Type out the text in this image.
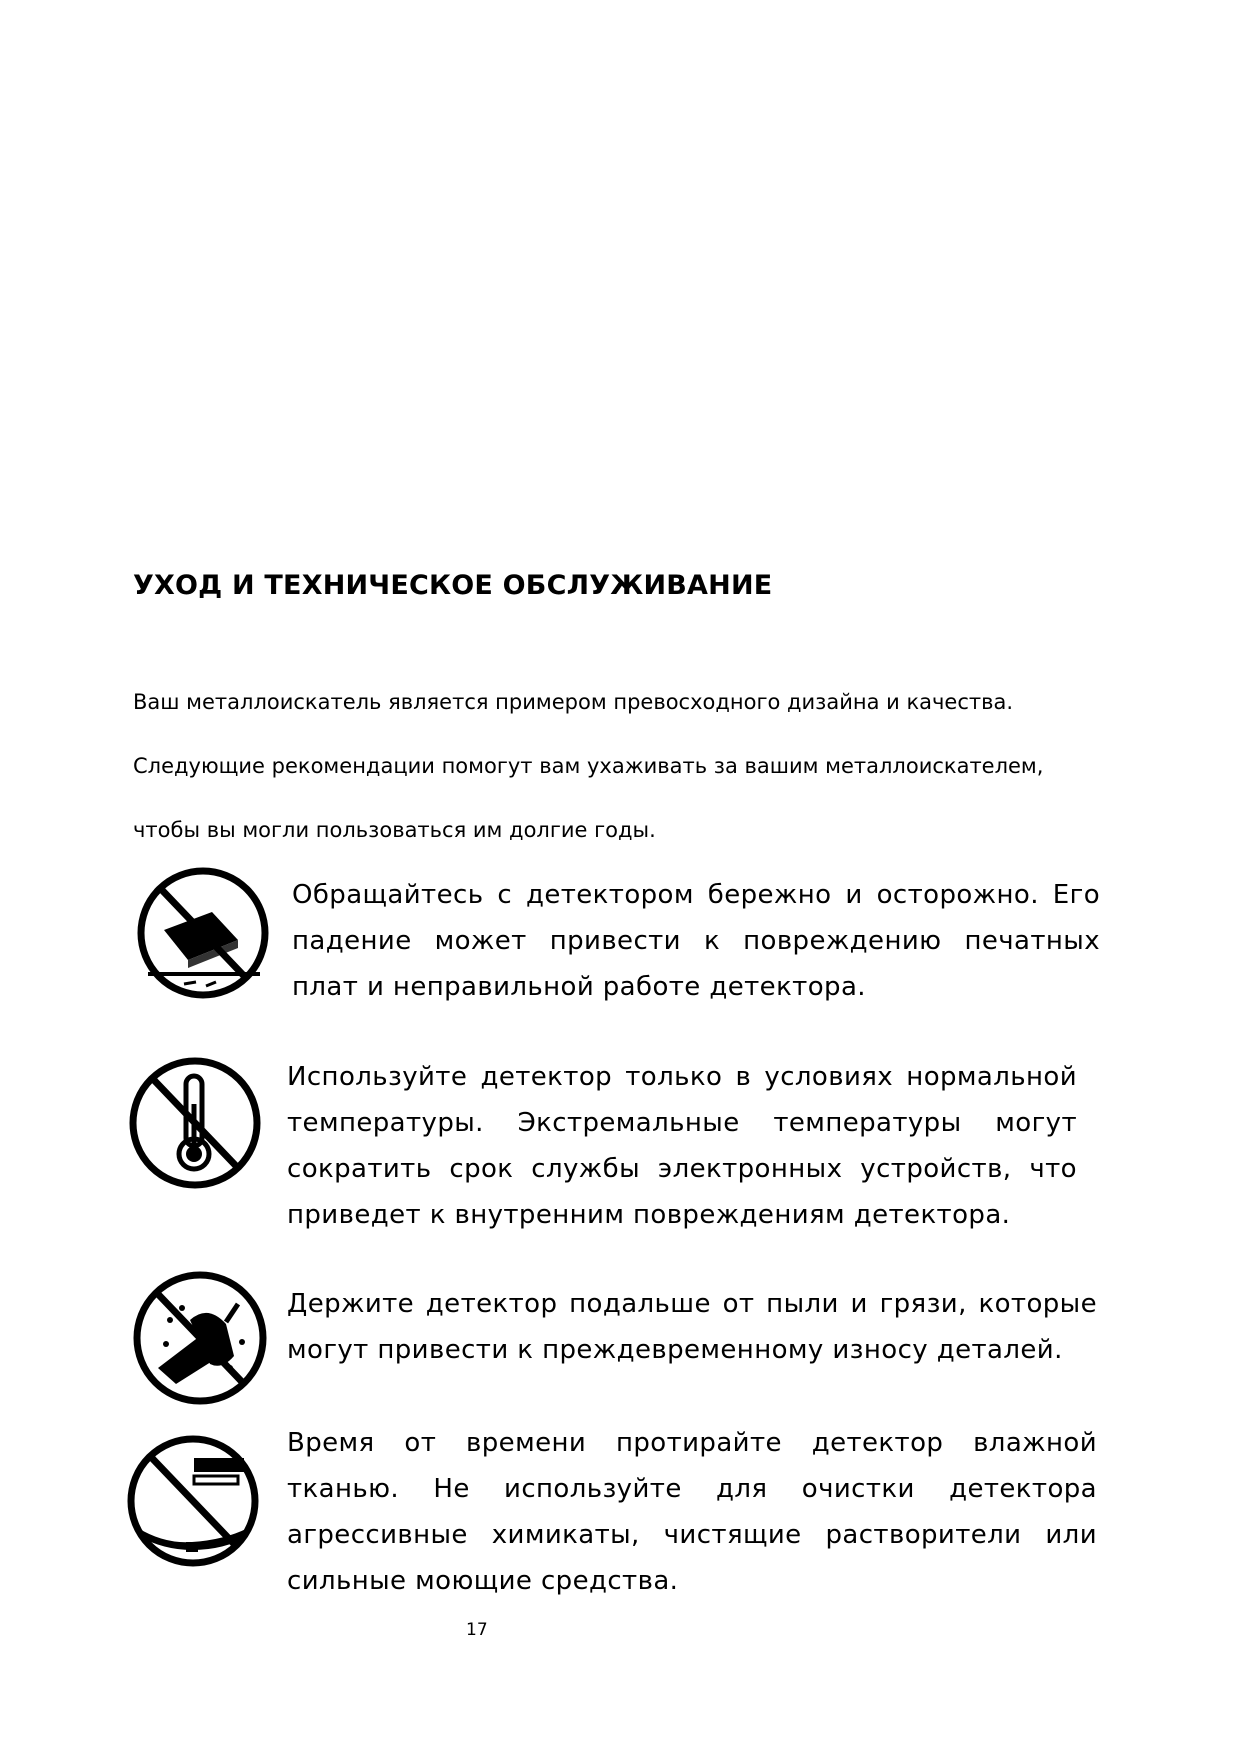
УХОД И ТЕХНИЧЕСКОЕ ОБСЛУЖИВАНИЕ
Ваш металлоискатель является примером превосходного дизайна и качества.
Следующие рекомендации помогут вам ухаживать за вашим металлоискателем,
чтобы вы могли пользоваться им долгие годы.
Обращайтесь с детектором бережно и осторожно. Его падение может привести к повреждению печатных плат и неправильной работе детектора.
Используйте детектор только в условиях нормальной температуры. Экстремальные температуры могут сократить срок службы электронных устройств, что приведет к внутренним повреждениям детектора.
Держите детектор подальше от пыли и грязи, которые могут привести к преждевременному износу деталей.
Время от времени протирайте детектор влажной тканью. Не используйте для очистки детектора агрессивные химикаты, чистящие растворители или сильные моющие средства.
17
